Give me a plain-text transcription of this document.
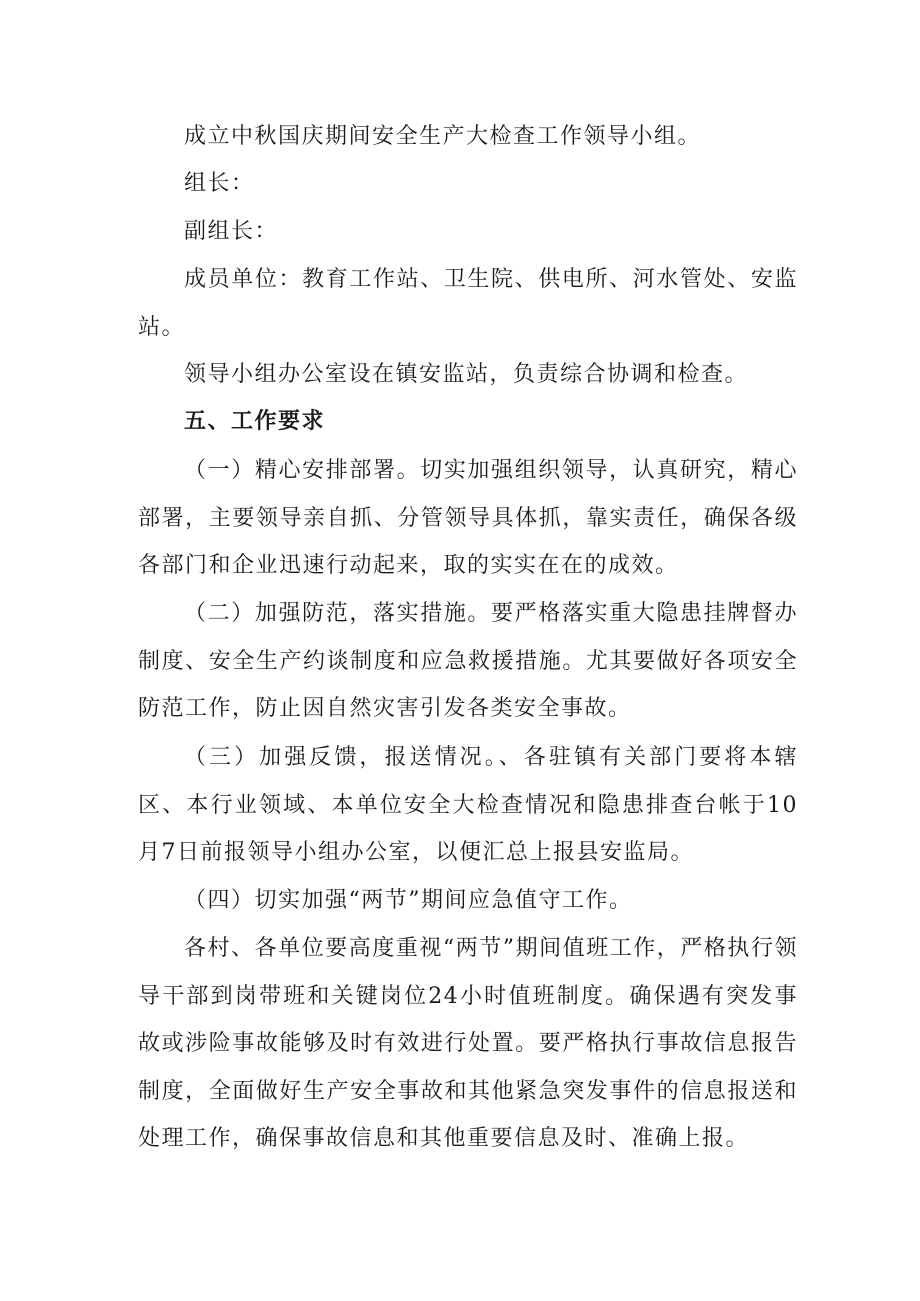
成立中秋国庆期间安全生产大检查工作领导小组。

组长：

副组长：

成员单位：教育工作站、卫生院、供电所、河水管处、安监站。

领导小组办公室设在镇安监站，负责综合协调和检查。

五、工作要求

（一）精心安排部署。切实加强组织领导，认真研究，精心部署，主要领导亲自抓、分管领导具体抓，靠实责任，确保各级各部门和企业迅速行动起来，取的实实在在的成效。

（二）加强防范，落实措施。要严格落实重大隐患挂牌督办制度、安全生产约谈制度和应急救援措施。尤其要做好各项安全防范工作，防止因自然灾害引发各类安全事故。

（三）加强反馈，报送情况。、各驻镇有关部门要将本辖区、本行业领域、本单位安全大检查情况和隐患排查台帐于10月7日前报领导小组办公室，以便汇总上报县安监局。

（四）切实加强“两节”期间应急值守工作。

各村、各单位要高度重视“两节”期间值班工作，严格执行领导干部到岗带班和关键岗位24小时值班制度。确保遇有突发事故或涉险事故能够及时有效进行处置。要严格执行事故信息报告制度，全面做好生产安全事故和其他紧急突发事件的信息报送和处理工作，确保事故信息和其他重要信息及时、准确上报。
